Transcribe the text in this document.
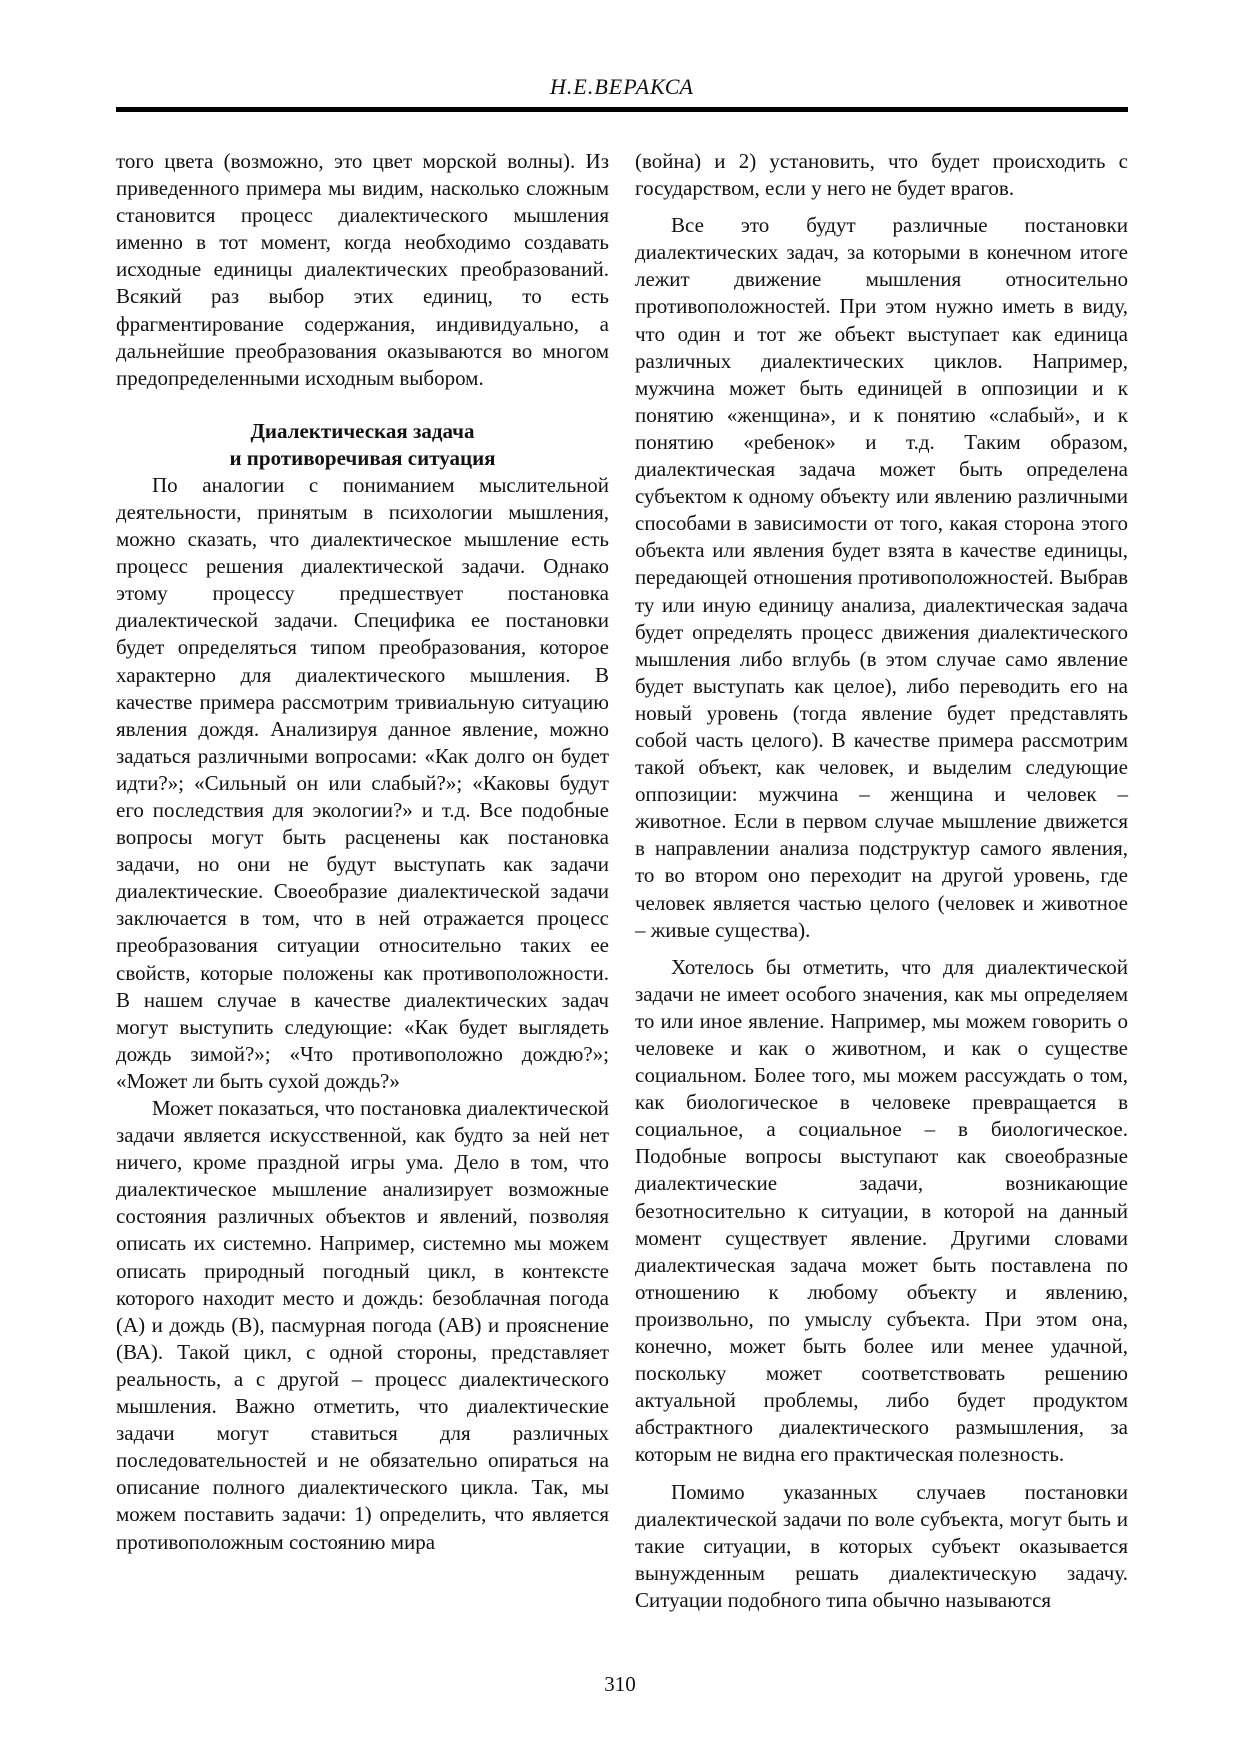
Н.Е.ВЕРАКСА

того цвета (возможно, это цвет морской волны). Из приведенного примера мы видим, насколько сложным становится процесс диалектического мышления именно в тот момент, когда необходимо создавать исходные единицы диалектических преобразований. Всякий раз выбор этих единиц, то есть фрагментирование содержания, индивидуально, а дальнейшие преобразования оказываются во многом предопределенными исходным выбором.

Диалектическая задача
и противоречивая ситуация

По аналогии с пониманием мыслительной деятельности, принятым в психологии мышления, можно сказать, что диалектическое мышление есть процесс решения диалектической задачи. Однако этому процессу предшествует постановка диалектической задачи. Специфика ее постановки будет определяться типом преобразования, которое характерно для диалектического мышления. В качестве примера рассмотрим тривиальную ситуацию явления дождя. Анализируя данное явление, можно задаться различными вопросами: «Как долго он будет идти?»; «Сильный он или слабый?»; «Каковы будут его последствия для экологии?» и т.д. Все подобные вопросы могут быть расценены как постановка задачи, но они не будут выступать как задачи диалектические. Своеобразие диалектической задачи заключается в том, что в ней отражается процесс преобразования ситуации относительно таких ее свойств, которые положены как противоположности. В нашем случае в качестве диалектических задач могут выступить следующие: «Как будет выглядеть дождь зимой?»; «Что противоположно дождю?»; «Может ли быть сухой дождь?»

Может показаться, что постановка диалектической задачи является искусственной, как будто за ней нет ничего, кроме праздной игры ума. Дело в том, что диалектическое мышление анализирует возможные состояния различных объектов и явлений, позволяя описать их системно. Например, системно мы можем описать природный погодный цикл, в контексте которого находит место и дождь: безоблачная погода (А) и дождь (В), пасмурная погода (АВ) и прояснение (ВА). Такой цикл, с одной стороны, представляет реальность, а с другой – процесс диалектического мышления. Важно отметить, что диалектические задачи могут ставиться для различных последовательностей и не обязательно опираться на описание полного диалектического цикла. Так, мы можем поставить задачи: 1) определить, что является противоположным состоянию мира

(война) и 2) установить, что будет происходить с государством, если у него не будет врагов.

Все это будут различные постановки диалектических задач, за которыми в конечном итоге лежит движение мышления относительно противоположностей. При этом нужно иметь в виду, что один и тот же объект выступает как единица различных диалектических циклов. Например, мужчина может быть единицей в оппозиции и к понятию «женщина», и к понятию «слабый», и к понятию «ребенок» и т.д. Таким образом, диалектическая задача может быть определена субъектом к одному объекту или явлению различными способами в зависимости от того, какая сторона этого объекта или явления будет взята в качестве единицы, передающей отношения противоположностей. Выбрав ту или иную единицу анализа, диалектическая задача будет определять процесс движения диалектического мышления либо вглубь (в этом случае само явление будет выступать как целое), либо переводить его на новый уровень (тогда явление будет представлять собой часть целого). В качестве примера рассмотрим такой объект, как человек, и выделим следующие оппозиции: мужчина – женщина и человек – животное. Если в первом случае мышление движется в направлении анализа подструктур самого явления, то во втором оно переходит на другой уровень, где человек является частью целого (человек и животное – живые существа).

Хотелось бы отметить, что для диалектической задачи не имеет особого значения, как мы определяем то или иное явление. Например, мы можем говорить о человеке и как о животном, и как о существе социальном. Более того, мы можем рассуждать о том, как биологическое в человеке превращается в социальное, а социальное – в биологическое. Подобные вопросы выступают как своеобразные диалектические задачи, возникающие безотносительно к ситуации, в которой на данный момент существует явление. Другими словами диалектическая задача может быть поставлена по отношению к любому объекту и явлению, произвольно, по умыслу субъекта. При этом она, конечно, может быть более или менее удачной, поскольку может соответствовать решению актуальной проблемы, либо будет продуктом абстрактного диалектического размышления, за которым не видна его практическая полезность.

Помимо указанных случаев постановки диалектической задачи по воле субъекта, могут быть и такие ситуации, в которых субъект оказывается вынужденным решать диалектическую задачу. Ситуации подобного типа обычно называются

310
